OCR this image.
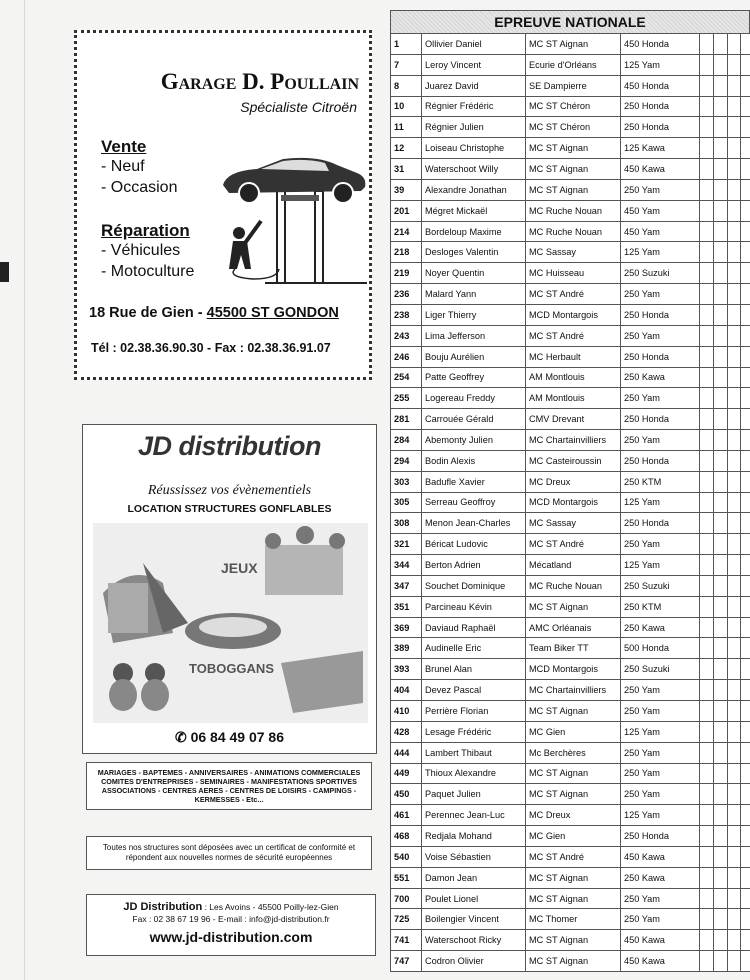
Garage D. Poullain
Spécialiste Citroën
Vente
- Neuf
- Occasion
Réparation
- Véhicules
- Motoculture
18 Rue de Gien - 45500 ST GONDON
Tél : 02.38.36.90.30 - Fax : 02.38.36.91.07
JD distribution
Réussissez vos évènementiels
LOCATION STRUCTURES GONFLABLES
JEUX
TOBOGGANS
✆ 06 84 49 07 86
MARIAGES - BAPTEMES - ANNIVERSAIRES - ANIMATIONS COMMERCIALES COMITES D'ENTREPRISES - SEMINAIRES - MANIFESTATIONS SPORTIVES ASSOCIATIONS - CENTRES AERES - CENTRES DE LOISIRS - CAMPINGS - KERMESSES - Etc...
Toutes nos structures sont déposées avec un certificat de conformité et répondent aux nouvelles normes de sécurité européennes
JD Distribution : Les Avoins - 45500 Poilly-lez-Gien
Fax : 02 38 67 19 96 - E-mail : info@jd-distribution.fr
www.jd-distribution.com
EPREUVE NATIONALE
1	Ollivier Daniel	MC ST Aignan	450 Honda					
7	Leroy Vincent	Ecurie d'Orléans	125 Yam					
8	Juarez David	SE Dampierre	450 Honda					
10	Régnier Frédéric	MC ST Chéron	250 Honda					
11	Régnier Julien	MC ST Chéron	250 Honda					
12	Loiseau Christophe	MC ST Aignan	125 Kawa					
31	Waterschoot Willy	MC ST Aignan	450 Kawa					
39	Alexandre Jonathan	MC ST Aignan	250 Yam					
201	Mégret Mickaël	MC Ruche Nouan	450 Yam					
214	Bordeloup Maxime	MC Ruche Nouan	450 Yam					
218	Desloges Valentin	MC Sassay	125 Yam					
219	Noyer Quentin	MC Huisseau	250 Suzuki					
236	Malard Yann	MC ST André	250 Yam					
238	Liger Thierry	MCD Montargois	250 Honda					
243	Lima Jefferson	MC ST André	250 Yam					
246	Bouju Aurélien	MC Herbault	250 Honda					
254	Patte Geoffrey	AM Montlouis	250 Kawa					
255	Logereau Freddy	AM Montlouis	250 Yam					
281	Carrouée Gérald	CMV Drevant	250 Honda					
284	Abemonty Julien	MC Chartainvilliers	250 Yam					
294	Bodin Alexis	MC Casteiroussin	250 Honda					
303	Badufle Xavier	MC Dreux	250 KTM					
305	Serreau Geoffroy	MCD Montargois	125 Yam					
308	Menon Jean-Charles	MC Sassay	250 Honda					
321	Béricat Ludovic	MC ST André	250 Yam					
344	Berton Adrien	Mécatland	125 Yam					
347	Souchet Dominique	MC Ruche Nouan	250 Suzuki					
351	Parcineau Kévin	MC ST Aignan	250 KTM					
369	Daviaud Raphaël	AMC Orléanais	250 Kawa					
389	Audinelle Eric	Team Biker TT	500 Honda					
393	Brunel Alan	MCD Montargois	250 Suzuki					
404	Devez Pascal	MC Chartainvilliers	250 Yam					
410	Perrière Florian	MC ST Aignan	250 Yam					
428	Lesage Frédéric	MC Gien	125 Yam					
444	Lambert Thibaut	Mc Berchères	250 Yam					
449	Thioux Alexandre	MC ST Aignan	250 Yam					
450	Paquet Julien	MC ST Aignan	250 Yam					
461	Perennec Jean-Luc	MC Dreux	125 Yam					
468	Redjala Mohand	MC Gien	250 Honda					
540	Voise Sébastien	MC ST André	450 Kawa					
551	Damon Jean	MC ST Aignan	250 Kawa					
700	Poulet Lionel	MC ST Aignan	250 Yam					
725	Boilengier Vincent	MC Thomer	250 Yam					
741	Waterschoot Ricky	MC ST Aignan	450 Kawa					
747	Codron Olivier	MC ST Aignan	450 Kawa					
